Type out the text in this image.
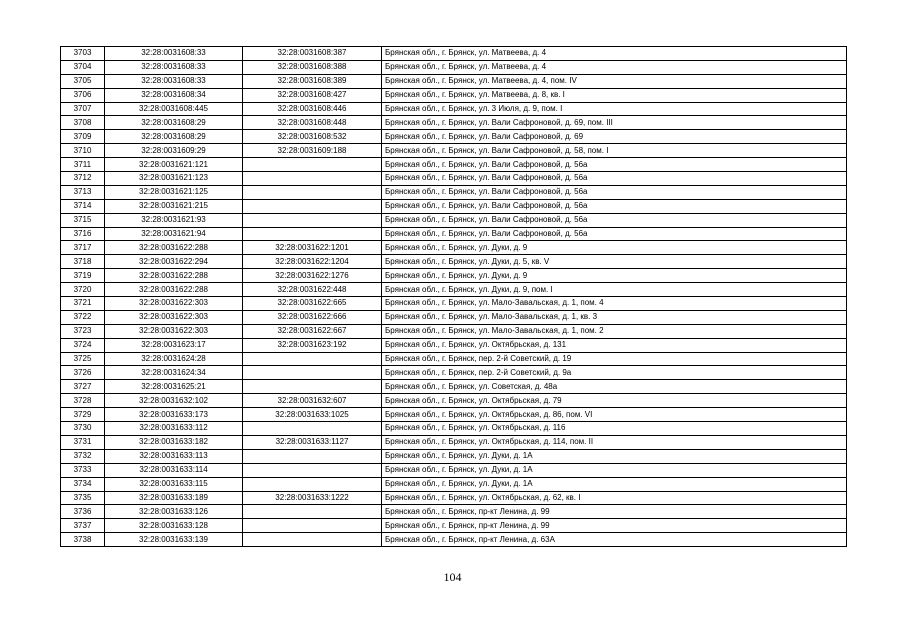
3703	32:28:0031608:33	32:28:0031608:387	Брянская обл., г. Брянск, ул. Матвеева, д. 4
3704	32:28:0031608:33	32:28:0031608:388	Брянская обл., г. Брянск, ул. Матвеева, д. 4
3705	32:28:0031608:33	32:28:0031608:389	Брянская обл., г. Брянск, ул. Матвеева, д. 4, пом. IV
3706	32:28:0031608:34	32:28:0031608:427	Брянская обл., г. Брянск, ул. Матвеева, д. 8, кв. I
3707	32:28:0031608:445	32:28:0031608:446	Брянская обл., г. Брянск, ул. 3 Июля, д. 9, пом. I
3708	32:28:0031608:29	32:28:0031608:448	Брянская обл., г. Брянск, ул. Вали Сафроновой, д. 69, пом. III
3709	32:28:0031608:29	32:28:0031608:532	Брянская обл., г. Брянск, ул. Вали Сафроновой, д. 69
3710	32:28:0031609:29	32:28:0031609:188	Брянская обл., г. Брянск, ул. Вали Сафроновой, д. 58, пом. I
3711	32:28:0031621:121		Брянская обл., г. Брянск, ул. Вали Сафроновой, д. 56а
3712	32:28:0031621:123		Брянская обл., г. Брянск, ул. Вали Сафроновой, д. 56а
3713	32:28:0031621:125		Брянская обл., г. Брянск, ул. Вали Сафроновой, д. 56а
3714	32:28:0031621:215		Брянская обл., г. Брянск, ул. Вали Сафроновой, д. 56а
3715	32:28:0031621:93		Брянская обл., г. Брянск, ул. Вали Сафроновой, д. 56а
3716	32:28:0031621:94		Брянская обл., г. Брянск, ул. Вали Сафроновой, д. 56а
3717	32:28:0031622:288	32:28:0031622:1201	Брянская обл., г. Брянск, ул. Дуки, д. 9
3718	32:28:0031622:294	32:28:0031622:1204	Брянская обл., г. Брянск, ул. Дуки, д. 5, кв. V
3719	32:28:0031622:288	32:28:0031622:1276	Брянская обл., г. Брянск, ул. Дуки, д. 9
3720	32:28:0031622:288	32:28:0031622:448	Брянская обл., г. Брянск, ул. Дуки, д. 9, пом. I
3721	32:28:0031622:303	32:28:0031622:665	Брянская обл., г. Брянск, ул. Мало-Завальская, д. 1, пом. 4
3722	32:28:0031622:303	32:28:0031622:666	Брянская обл., г. Брянск, ул. Мало-Завальская, д. 1, кв. 3
3723	32:28:0031622:303	32:28:0031622:667	Брянская обл., г. Брянск, ул. Мало-Завальская, д. 1, пом. 2
3724	32:28:0031623:17	32:28:0031623:192	Брянская обл., г. Брянск, ул. Октябрьская, д. 131
3725	32:28:0031624:28		Брянская обл., г. Брянск, пер. 2-й Советский, д. 19
3726	32:28:0031624:34		Брянская обл., г. Брянск, пер. 2-й Советский, д. 9а
3727	32:28:0031625:21		Брянская обл., г. Брянск, ул. Советская, д. 48а
3728	32:28:0031632:102	32:28:0031632:607	Брянская обл., г. Брянск, ул. Октябрьская, д. 79
3729	32:28:0031633:173	32:28:0031633:1025	Брянская обл., г. Брянск, ул. Октябрьская, д. 86, пом. VI
3730	32:28:0031633:112		Брянская обл., г. Брянск, ул. Октябрьская, д. 116
3731	32:28:0031633:182	32:28:0031633:1127	Брянская обл., г. Брянск, ул. Октябрьская, д. 114, пом. II
3732	32:28:0031633:113		Брянская обл., г. Брянск, ул. Дуки, д. 1А
3733	32:28:0031633:114		Брянская обл., г. Брянск, ул. Дуки, д. 1А
3734	32:28:0031633:115		Брянская обл., г. Брянск, ул. Дуки, д. 1А
3735	32:28:0031633:189	32:28:0031633:1222	Брянская обл., г. Брянск, ул. Октябрьская, д. 62, кв. I
3736	32:28:0031633:126		Брянская обл., г. Брянск, пр-кт Ленина, д. 99
3737	32:28:0031633:128		Брянская обл., г. Брянск, пр-кт Ленина, д. 99
3738	32:28:0031633:139		Брянская обл., г. Брянск, пр-кт Ленина, д. 63А
104
